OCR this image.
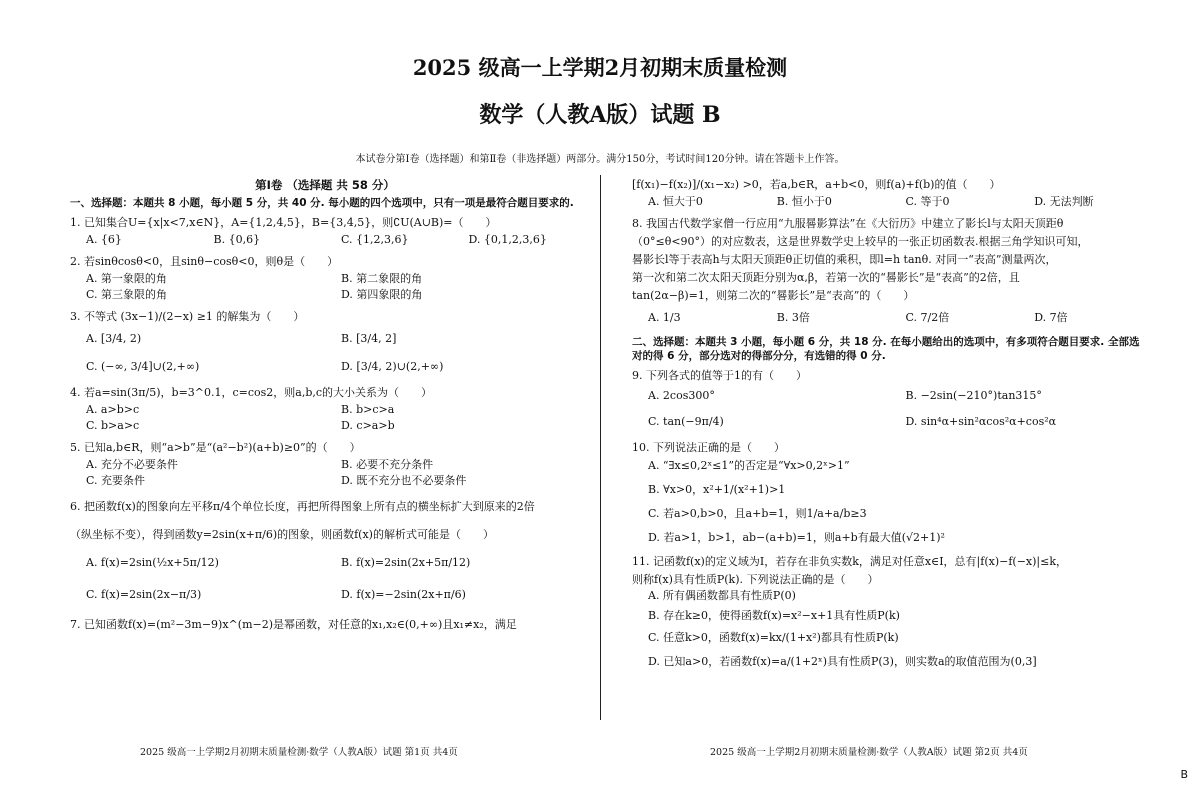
2025 级高一上学期2月初期末质量检测
数学（人教A版）试题 B
本试卷分第Ⅰ卷（选择题）和第Ⅱ卷（非选择题）两部分。满分150分，考试时间120分钟。请在答题卡上作答。
第Ⅰ卷 （选择题 共 58 分）
一、选择题：本题共 8 小题，每小题 5 分，共 40 分. 每小题的四个选项中，只有一项是最符合题目要求的.
1. 已知集合U={x|x<7,x∈N}，A={1,2,4,5}，B={3,4,5}，则∁U(A∪B)=（　　）
A. {6}	B. {0,6}	C. {1,2,3,6}	D. {0,1,2,3,6}
2. 若sinθcosθ<0，且sinθ−cosθ<0，则θ是（　　）
A. 第一象限的角	B. 第二象限的角
C. 第三象限的角	D. 第四象限的角
3. 不等式 (3x−1)/(2−x) ≥1 的解集为（　　）
A. [3/4, 2)	B. [3/4, 2]
C. (−∞, 3/4]∪(2,+∞)	D. [3/4, 2)∪(2,+∞)
4. 若a=sin(3π/5)，b=3^0.1，c=cos2，则a,b,c的大小关系为（　　）
A. a>b>c	B. b>c>a
C. b>a>c	D. c>a>b
5. 已知a,b∈R，则“a>b”是“(a²−b²)(a+b)≥0”的（　　）
A. 充分不必要条件	B. 必要不充分条件
C. 充要条件	D. 既不充分也不必要条件
6. 把函数f(x)的图象向左平移π/4个单位长度，再把所得图象上所有点的横坐标扩大到原来的2倍
（纵坐标不变），得到函数y=2sin(x+π/6)的图象，则函数f(x)的解析式可能是（　　）
A. f(x)=2sin(½x+5π/12)	B. f(x)=2sin(2x+5π/12)
C. f(x)=2sin(2x−π/3)	D. f(x)=−2sin(2x+π/6)
7. 已知函数f(x)=(m²−3m−9)x^(m−2)是幂函数，对任意的x₁,x₂∈(0,+∞)且x₁≠x₂，满足
[f(x₁)−f(x₂)]/(x₁−x₂) >0，若a,b∈R，a+b<0，则f(a)+f(b)的值（　　）
A. 恒大于0	B. 恒小于0	C. 等于0	D. 无法判断
8. 我国古代数学家僧一行应用“九服晷影算法”在《大衍历》中建立了影长l与太阳天顶距θ
（0°≤θ<90°）的对应数表，这是世界数学史上较早的一张正切函数表.根据三角学知识可知，
晷影长l等于表高h与太阳天顶距θ正切值的乘积，即l=h tanθ. 对同一“表高”测量两次，
第一次和第二次太阳天顶距分别为α,β，若第一次的“晷影长”是“表高”的2倍，且
tan(2α−β)=1，则第二次的“晷影长”是“表高”的（　　）
A. 1/3	B. 3倍	C. 7/2倍	D. 7倍
二、选择题：本题共 3 小题，每小题 6 分，共 18 分. 在每小题给出的选项中，有多项符合题目要求. 全部选对的得 6 分，部分选对的得部分分，有选错的得 0 分.
9. 下列各式的值等于1的有（　　）
A. 2cos300°	B. −2sin(−210°)tan315°
C. tan(−9π/4)	D. sin⁴α+sin²αcos²α+cos²α
10. 下列说法正确的是（　　）
A. “∃x≤0,2ˣ≤1”的否定是“∀x>0,2ˣ>1”
B. ∀x>0，x²+1/(x²+1)>1
C. 若a>0,b>0，且a+b=1，则1/a+a/b≥3
D. 若a>1，b>1，ab−(a+b)=1，则a+b有最大值(√2+1)²
11. 记函数f(x)的定义域为I，若存在非负实数k，满足对任意x∈I，总有|f(x)−f(−x)|≤k，
则称f(x)具有性质P(k). 下列说法正确的是（　　）
A. 所有偶函数都具有性质P(0)
B. 存在k≥0，使得函数f(x)=x²−x+1具有性质P(k)
C. 任意k>0，函数f(x)=kx/(1+x²)都具有性质P(k)
D. 已知a>0，若函数f(x)=a/(1+2ˣ)具有性质P(3)，则实数a的取值范围为(0,3]
2025 级高一上学期2月初期末质量检测·数学（人教A版）试题 第1页 共4页	2025 级高一上学期2月初期末质量检测·数学（人教A版）试题 第2页 共4页
B
